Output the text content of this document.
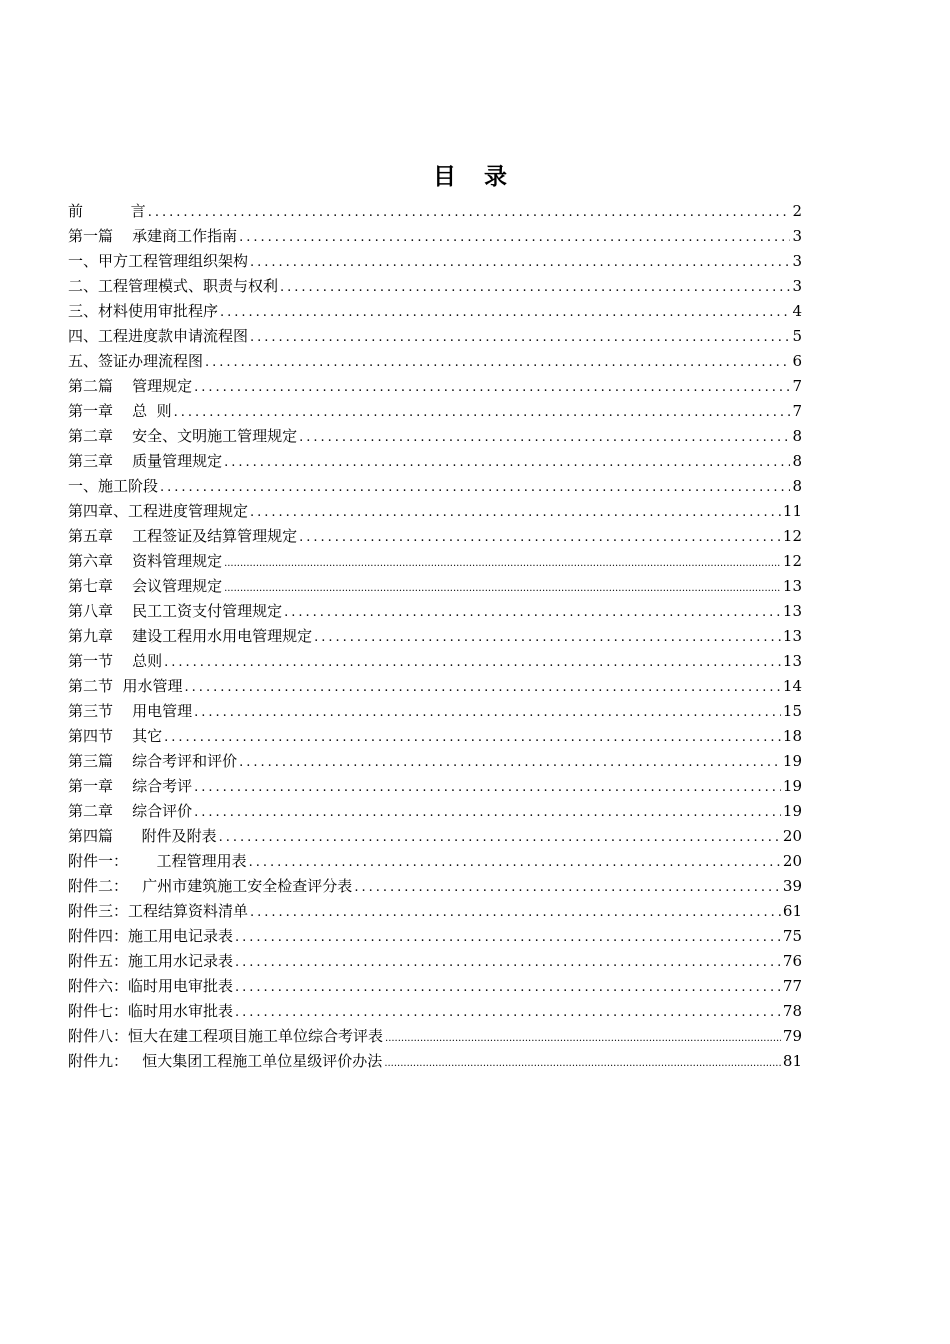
目 录
前          言 .....	2
第一篇    承建商工作指南 .....	3
一、甲方工程管理组织架构 .....	3
二、工程管理模式、职责与权利 .....	3
三、材料使用审批程序 .....	4
四、工程进度款申请流程图 .....	5
五、签证办理流程图 .....	6
第二篇    管理规定 .....	7
第一章    总  则 .....	7
第二章    安全、文明施工管理规定 .....	8
第三章    质量管理规定 .....	8
一、施工阶段 .....	8
第四章、工程进度管理规定 .....	11
第五章    工程签证及结算管理规定 .....	12
第六章    资料管理规定 .....	12
第七章    会议管理规定 .....	13
第八章    民工工资支付管理规定 .....	13
第九章    建设工程用水用电管理规定 .....	13
第一节    总则 .....	13
第二节  用水管理 .....	14
第三节    用电管理 .....	15
第四节    其它 .....	18
第三篇    综合考评和评价 .....	19
第一章    综合考评 .....	19
第二章    综合评价 .....	19
第四篇      附件及附表 .....	20
附件一：      工程管理用表 .....	20
附件二：   广州市建筑施工安全检查评分表 .....	39
附件三：工程结算资料清单 .....	61
附件四：施工用电记录表 .....	75
附件五：施工用水记录表 .....	76
附件六：临时用电审批表 .....	77
附件七：临时用水审批表 .....	78
附件八：恒大在建工程项目施工单位综合考评表 .....	79
附件九：   恒大集团工程施工单位星级评价办法 .....	81
